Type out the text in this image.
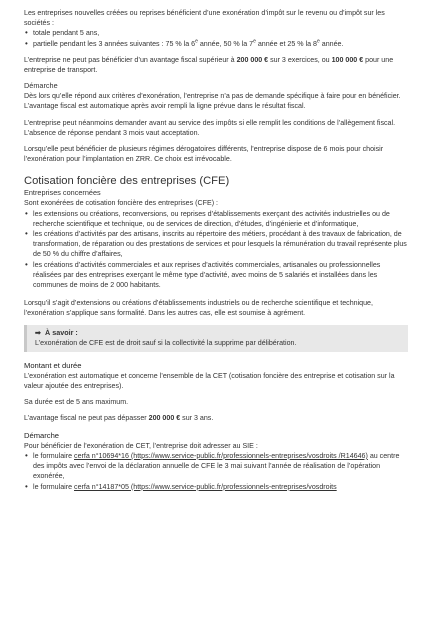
Les entreprises nouvelles créées ou reprises bénéficient d’une exonération d’impôt sur le revenu ou d’impôt sur les sociétés :

• totale pendant 5 ans,
• partielle pendant les 3 années suivantes : 75 % la 6e année, 50 % la 7e année et 25 % la 8e année.

L’entreprise ne peut pas bénéficier d’un avantage fiscal supérieur à 200 000 € sur 3 exercices, ou 100 000 € pour une entreprise de transport.

Démarche

Dès lors qu’elle répond aux critères d’exonération, l’entreprise n’a pas de demande spécifique à faire pour en bénéficier. L’avantage fiscal est automatique après avoir rempli la ligne prévue dans le résultat fiscal.

L’entreprise peut néanmoins demander avant au service des impôts si elle remplit les conditions de l’allègement fiscal. L’absence de réponse pendant 3 mois vaut acceptation.

Lorsqu’elle peut bénéficier de plusieurs régimes dérogatoires différents, l’entreprise dispose de 6 mois pour choisir l’exonération pour l’implantation en ZRR. Ce choix est irrévocable.

Cotisation foncière des entreprises (CFE)
Entreprises concernées

Sont exonérées de cotisation foncière des entreprises (CFE) :

• les extensions ou créations, reconversions, ou reprises d’établissements exerçant des activités industrielles ou de recherche scientifique et technique, ou de services de direction, d’études, d’ingénierie et d’informatique,
• les créations d’activités par des artisans, inscrits au répertoire des métiers, procédant à des travaux de fabrication, de transformation, de réparation ou des prestations de services et pour lesquels la rémunération du travail représente plus de 50 % du chiffre d’affaires,
• les créations d’activités commerciales et aux reprises d’activités commerciales, artisanales ou professionnelles réalisées par des entreprises exerçant le même type d’activité, avec moins de 5 salariés et installées dans les communes de moins de 2 000 habitants.

Lorsqu’il s’agit d’extensions ou créations d’établissements industriels ou de recherche scientifique et technique, l’exonération s’applique sans formalité. Dans les autres cas, elle est soumise à agrément.

➡ À savoir :

L’exonération de CFE est de droit sauf si la collectivité la supprime par délibération.

Montant et durée

L’exonération est automatique et concerne l’ensemble de la CET (cotisation foncière des entreprise et cotisation sur la valeur ajoutée des entreprises).

Sa durée est de 5 ans maximum.

L’avantage fiscal ne peut pas dépasser 200 000 € sur 3 ans.

Démarche

Pour bénéficier de l’exonération de CET, l’entreprise doit adresser au SIE :

• le formulaire cerfa n°10694*16 (https://www.service-public.fr/professionnels-entreprises/vosdroits /R14646) au centre des impôts avec l’envoi de la déclaration annuelle de CFE le 3 mai suivant l’année de réalisation de l’opération exonérée,
• le formulaire cerfa n°14187*05 (https://www.service-public.fr/professionnels-entreprises/vosdroits
